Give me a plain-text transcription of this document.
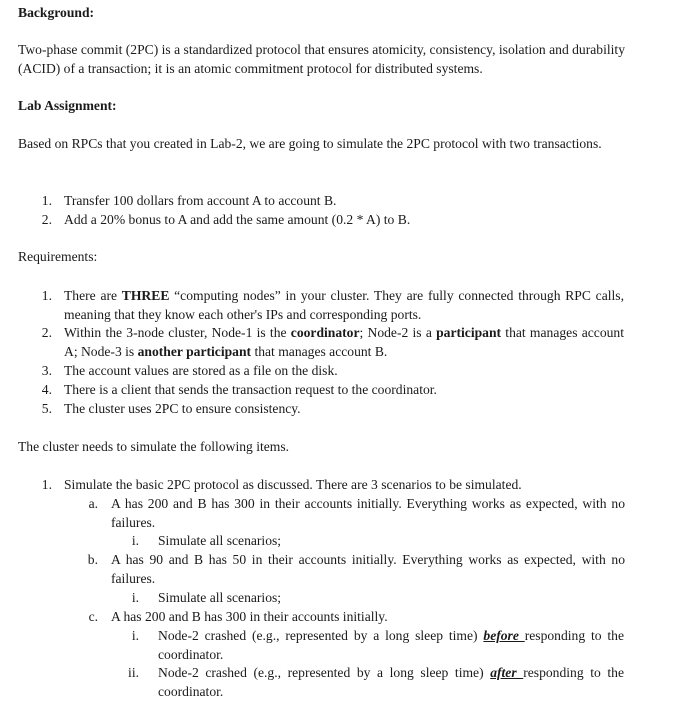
Background:
Two-phase commit (2PC) is a standardized protocol that ensures atomicity, consistency, isolation and durability (ACID) of a transaction; it is an atomic commitment protocol for distributed systems.
Lab Assignment:
Based on RPCs that you created in Lab-2, we are going to simulate the 2PC protocol with two transactions.
1. Transfer 100 dollars from account A to account B.
2. Add a 20% bonus to A and add the same amount (0.2 * A) to B.
Requirements:
1. There are THREE “computing nodes” in your cluster. They are fully connected through RPC calls, meaning that they know each other's IPs and corresponding ports.
2. Within the 3-node cluster, Node-1 is the coordinator; Node-2 is a participant that manages account A; Node-3 is another participant that manages account B.
3. The account values are stored as a file on the disk.
4. There is a client that sends the transaction request to the coordinator.
5. The cluster uses 2PC to ensure consistency.
The cluster needs to simulate the following items.
1. Simulate the basic 2PC protocol as discussed. There are 3 scenarios to be simulated.
a. A has 200 and B has 300 in their accounts initially. Everything works as expected, with no failures.
i. Simulate all scenarios;
b. A has 90 and B has 50 in their accounts initially. Everything works as expected, with no failures.
i. Simulate all scenarios;
c. A has 200 and B has 300 in their accounts initially.
i. Node-2 crashed (e.g., represented by a long sleep time) before responding to the coordinator.
ii. Node-2 crashed (e.g., represented by a long sleep time) after responding to the coordinator.
